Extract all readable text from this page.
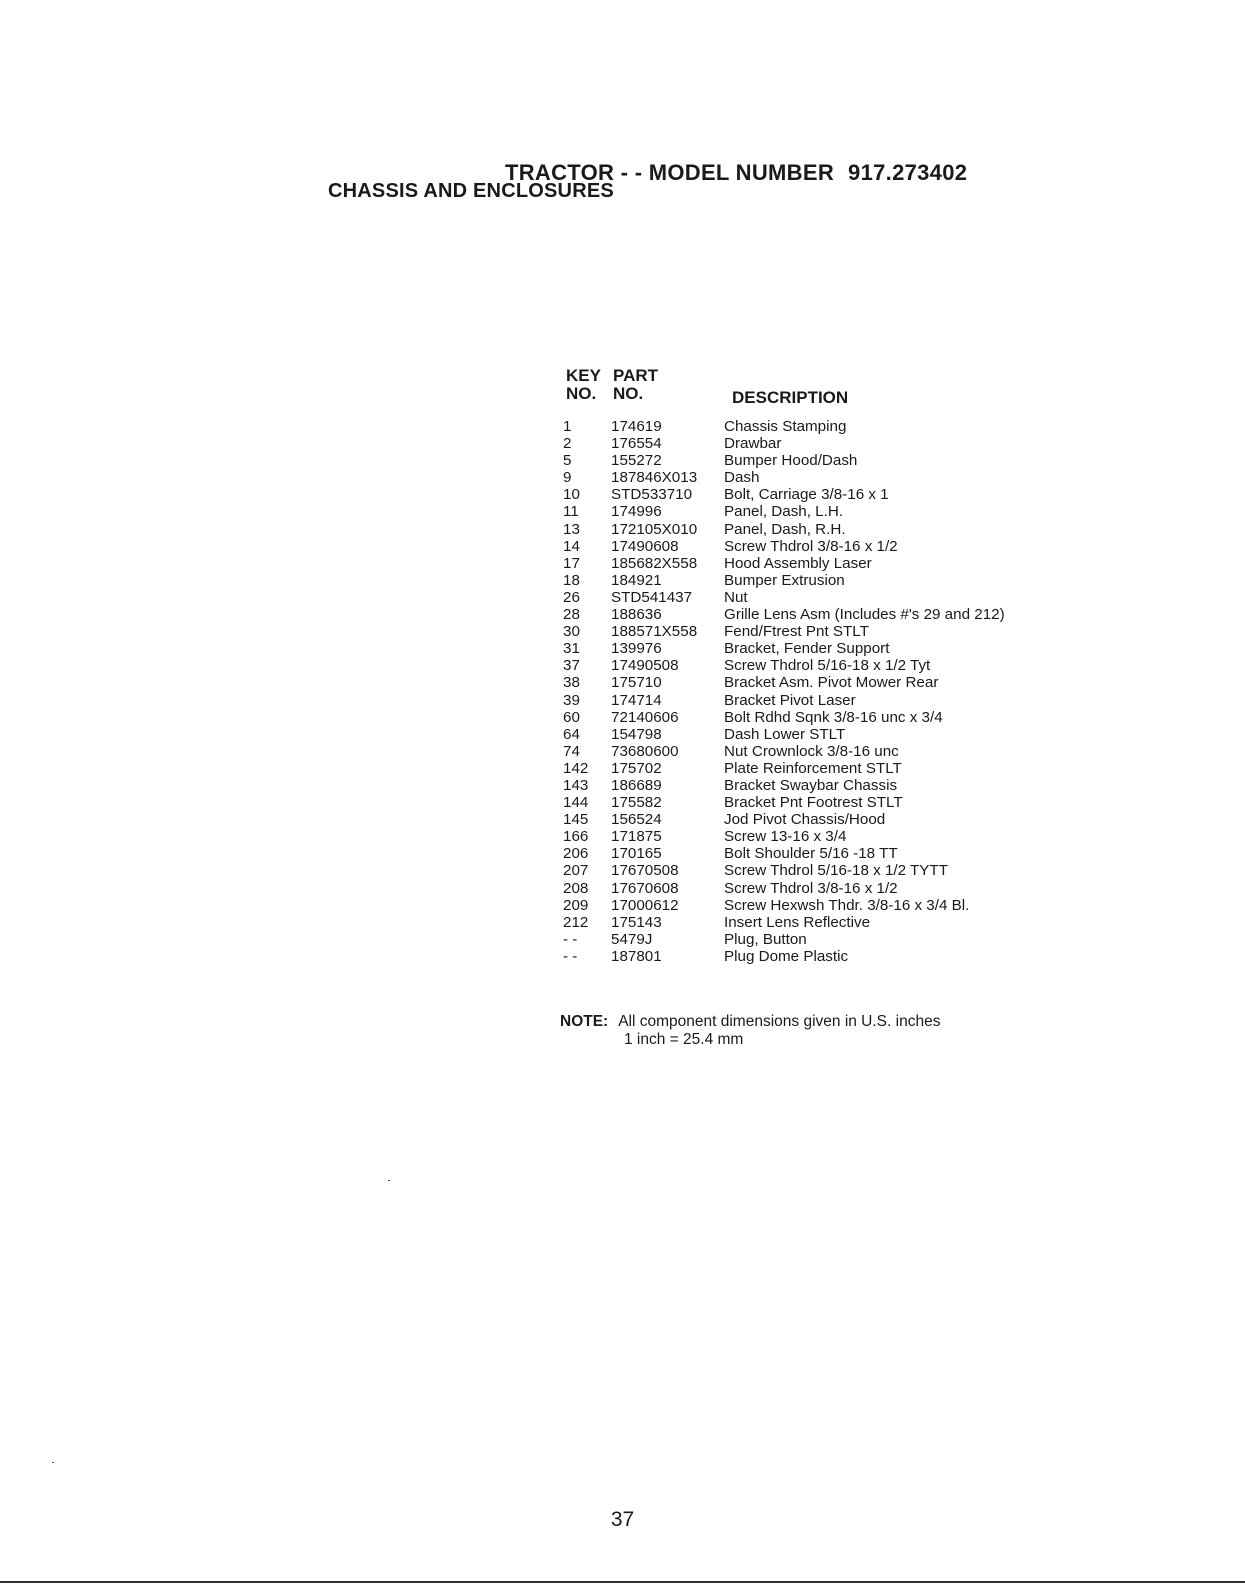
TRACTOR - - MODEL NUMBER 917.273402
CHASSIS AND ENCLOSURES
KEY
NO.
PART
NO.	DESCRIPTION
1	174619	Chassis Stamping
2	176554	Drawbar
5	155272	Bumper Hood/Dash
9	187846X013	Dash
10	STD533710	Bolt, Carriage 3/8-16 x 1
11	174996	Panel, Dash, L.H.
13	172105X010	Panel, Dash, R.H.
14	17490608	Screw Thdrol 3/8-16 x 1/2
17	185682X558	Hood Assembly Laser
18	184921	Bumper Extrusion
26	STD541437	Nut
28	188636	Grille Lens Asm (Includes #'s 29 and 212)
30	188571X558	Fend/Ftrest Pnt STLT
31	139976	Bracket, Fender Support
37	17490508	Screw Thdrol 5/16-18 x 1/2 Tyt
38	175710	Bracket Asm. Pivot Mower Rear
39	174714	Bracket Pivot Laser
60	72140606	Bolt Rdhd Sqnk 3/8-16 unc x 3/4
64	154798	Dash Lower STLT
74	73680600	Nut Crownlock 3/8-16 unc
142	175702	Plate Reinforcement STLT
143	186689	Bracket Swaybar Chassis
144	175582	Bracket Pnt Footrest STLT
145	156524	Jod Pivot Chassis/Hood
166	171875	Screw 13-16 x 3/4
206	170165	Bolt Shoulder 5/16 -18 TT
207	17670508	Screw Thdrol 5/16-18 x 1/2 TYTT
208	17670608	Screw Thdrol 3/8-16 x 1/2
209	17000612	Screw Hexwsh Thdr. 3/8-16 x 3/4 Bl.
212	175143	Insert Lens Reflective
- -	5479J	Plug, Button
- -	187801	Plug Dome Plastic
NOTE: All component dimensions given in U.S. inches
1 inch = 25.4 mm
37
